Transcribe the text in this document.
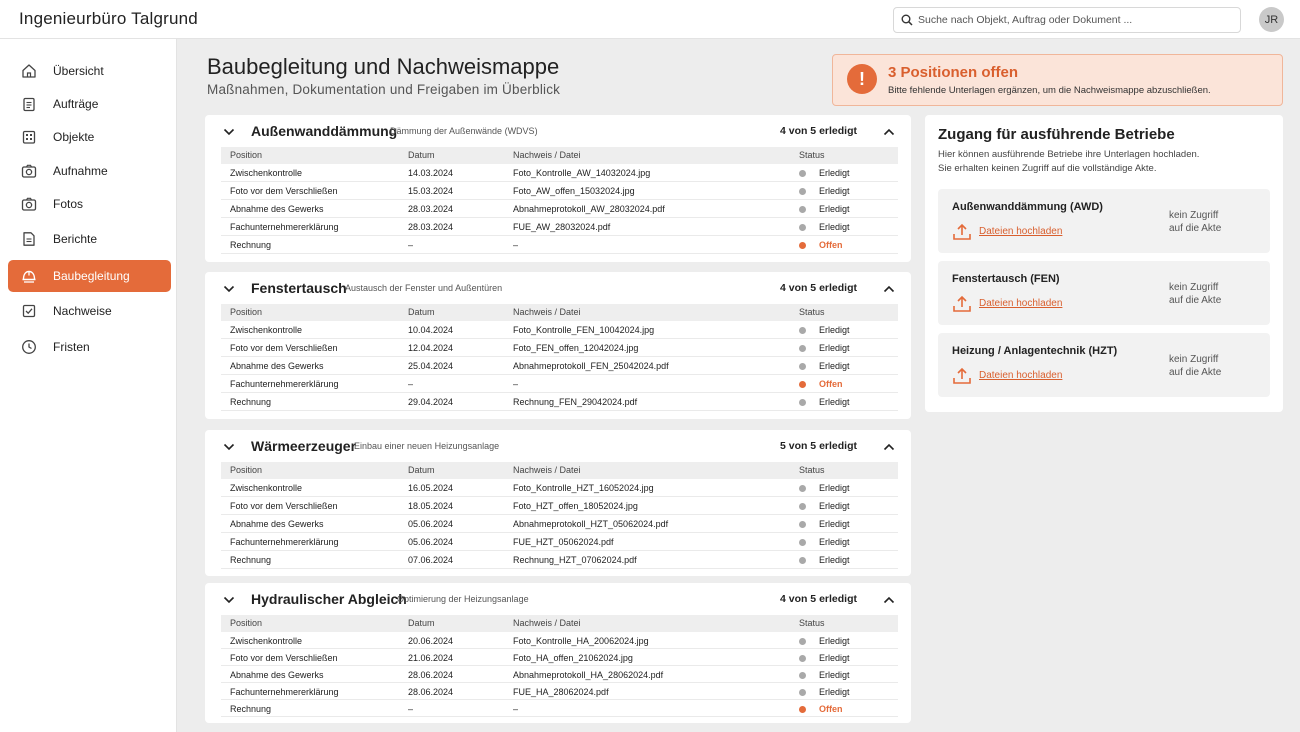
Ingenieurbüro Talgrund
Suche nach Objekt, Auftrag oder Dokument ...	JR
Übersicht
Aufträge
Objekte
Aufnahme
Fotos
Berichte
Baubegleitung
Nachweise
Fristen
Baubegleitung und Nachweismappe
Maßnahmen, Dokumentation und Freigaben im Überblick
!	3 Positionen offen
Bitte fehlende Unterlagen ergänzen, um die Nachweismappe abzuschließen.
Außenwanddämmung
Dämmung der Außenwände (WDVS)	4 von 5 erledigt
Position	Datum	Nachweis / Datei	Status
Zwischenkontrolle	14.03.2024	Foto_Kontrolle_AW_14032024.jpg	Erledigt
Foto vor dem Verschließen	15.03.2024	Foto_AW_offen_15032024.jpg	Erledigt
Abnahme des Gewerks	28.03.2024	Abnahmeprotokoll_AW_28032024.pdf	Erledigt
Fachunternehmererklärung	28.03.2024	FUE_AW_28032024.pdf	Erledigt
Rechnung	–	–	Offen
Fenstertausch
Austausch der Fenster und Außentüren	4 von 5 erledigt
Position	Datum	Nachweis / Datei	Status
Zwischenkontrolle	10.04.2024	Foto_Kontrolle_FEN_10042024.jpg	Erledigt
Foto vor dem Verschließen	12.04.2024	Foto_FEN_offen_12042024.jpg	Erledigt
Abnahme des Gewerks	25.04.2024	Abnahmeprotokoll_FEN_25042024.pdf	Erledigt
Fachunternehmererklärung	–	–	Offen
Rechnung	29.04.2024	Rechnung_FEN_29042024.pdf	Erledigt
Wärmeerzeuger
Einbau einer neuen Heizungsanlage	5 von 5 erledigt
Position	Datum	Nachweis / Datei	Status
Zwischenkontrolle	16.05.2024	Foto_Kontrolle_HZT_16052024.jpg	Erledigt
Foto vor dem Verschließen	18.05.2024	Foto_HZT_offen_18052024.jpg	Erledigt
Abnahme des Gewerks	05.06.2024	Abnahmeprotokoll_HZT_05062024.pdf	Erledigt
Fachunternehmererklärung	05.06.2024	FUE_HZT_05062024.pdf	Erledigt
Rechnung	07.06.2024	Rechnung_HZT_07062024.pdf	Erledigt
Hydraulischer Abgleich
Optimierung der Heizungsanlage	4 von 5 erledigt
Position	Datum	Nachweis / Datei	Status
Zwischenkontrolle	20.06.2024	Foto_Kontrolle_HA_20062024.jpg	Erledigt
Foto vor dem Verschließen	21.06.2024	Foto_HA_offen_21062024.jpg	Erledigt
Abnahme des Gewerks	28.06.2024	Abnahmeprotokoll_HA_28062024.pdf	Erledigt
Fachunternehmererklärung	28.06.2024	FUE_HA_28062024.pdf	Erledigt
Rechnung	–	–	Offen
Zugang für ausführende Betriebe
Hier können ausführende Betriebe ihre Unterlagen hochladen.
Sie erhalten keinen Zugriff auf die vollständige Akte.
Außenwanddämmung (AWD)
Dateien hochladen
kein Zugriff
auf die Akte
Fenstertausch (FEN)
Dateien hochladen
kein Zugriff
auf die Akte
Heizung / Anlagentechnik (HZT)
Dateien hochladen
kein Zugriff
auf die Akte
